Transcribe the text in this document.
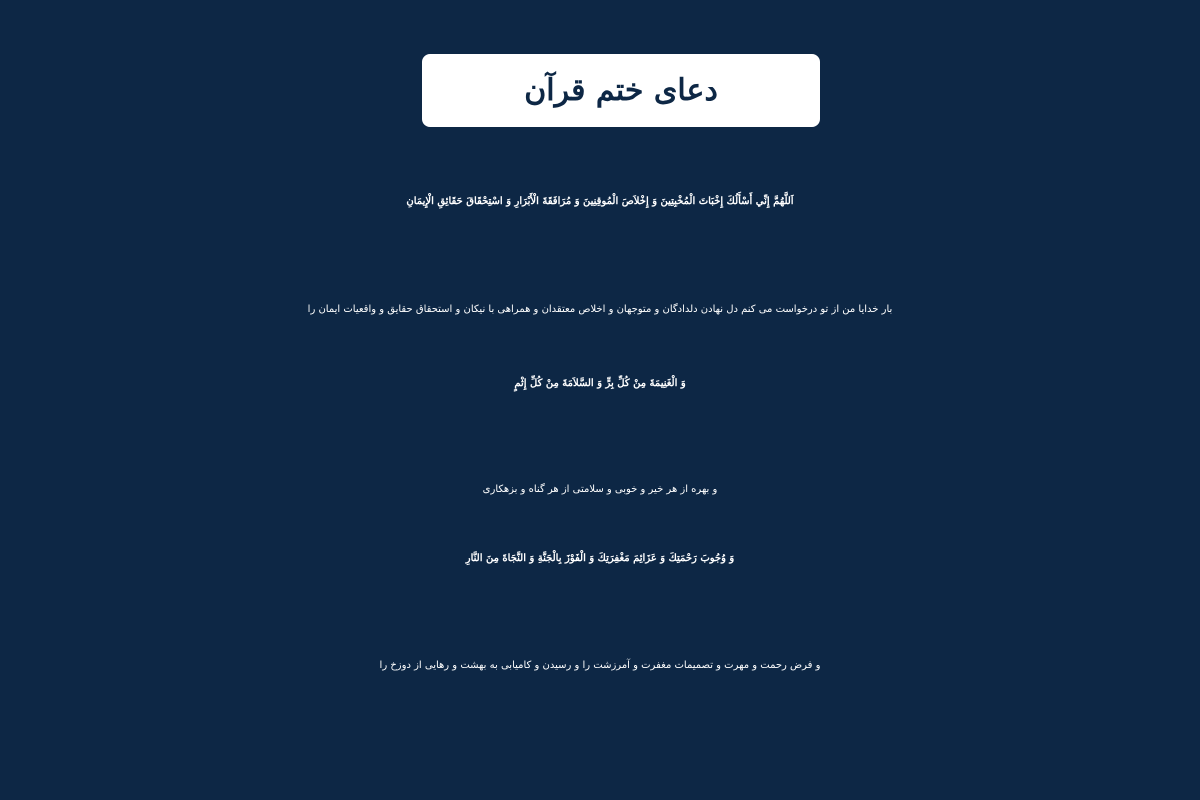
دعای ختم قرآن
اَللَّهُمَّ إِنِّي أَسْأَلُكَ إِخْبَاتَ الْمُخْبِتِينَ وَ إِخْلاَصَ الْمُوقِنِينَ وَ مُرَافَقَةَ الْأَبْرَارِ وَ اسْتِحْقَاقَ حَقَائِقِ الْإِيمَانِ
بار خدایا من از تو درخواست می کنم دل نهادن دلدادگان و متوجهان و اخلاص معتقدان و همراهی با نیکان و استحقاق حقایق و واقعیات ایمان را
وَ الْغَنِيمَةَ مِنْ كُلِّ بِرٍّ وَ السَّلاَمَةَ مِنْ كُلِّ إِثْمٍ
و بهره از هر خیر و خوبی و سلامتی از هر گناه و بزهکاری
وَ وُجُوبَ رَحْمَتِكَ وَ عَزَائِمَ مَغْفِرَتِكَ وَ الْفَوْزَ بِالْجَنَّةِ وَ النَّجَاةَ مِنَ النَّارِ
و فرض رحمت و مهرت و تصمیمات مغفرت و آمرزشت را و رسیدن و کامیابی به بهشت و رهایی از دوزخ را
